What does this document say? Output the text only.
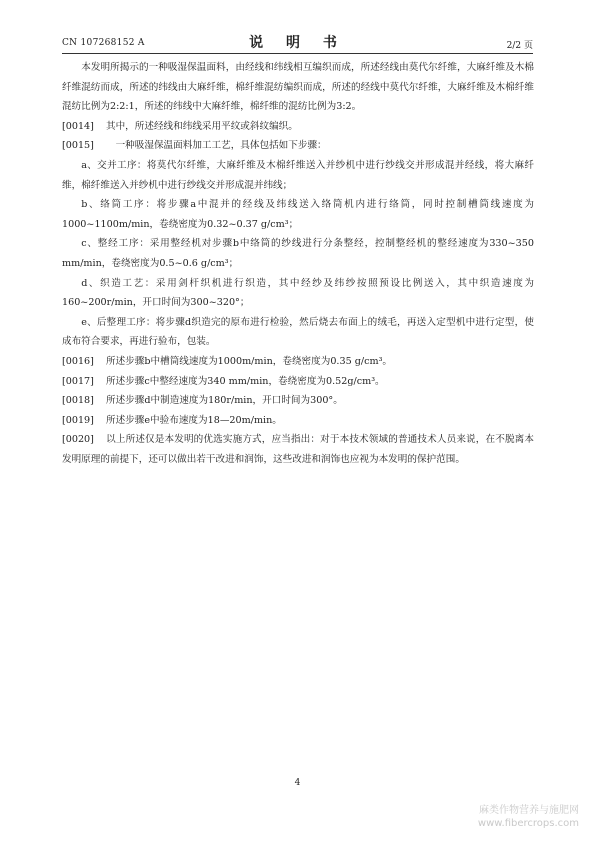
CN 107268152 A	说 明 书	2/2 页

本发明所揭示的一种吸湿保温面料，由经线和纬线相互编织而成，所述经线由莫代尔纤维，大麻纤维及木棉纤维混纺而成，所述的纬线由大麻纤维，棉纤维混纺编织而成，所述的经线中莫代尔纤维，大麻纤维及木棉纤维混纺比例为2:2:1，所述的纬线中大麻纤维，棉纤维的混纺比例为3:2。

[0014] 其中，所述经线和纬线采用平纹或斜纹编织。

[0015] 一种吸湿保温面料加工工艺，具体包括如下步骤：

a、交并工序：将莫代尔纤维，大麻纤维及木棉纤维送入并纱机中进行纱线交并形成混并经线，将大麻纤维，棉纤维送入并纱机中进行纱线交并形成混并纬线；

b、络筒工序：将步骤a中混并的经线及纬线送入络筒机内进行络筒，同时控制槽筒线速度为1000~1100m/min，卷绕密度为0.32~0.37 g/cm³；

c、整经工序：采用整经机对步骤b中络筒的纱线进行分条整经，控制整经机的整经速度为330~350 mm/min，卷绕密度为0.5~0.6 g/cm³；

d、织造工艺：采用剑杆织机进行织造，其中经纱及纬纱按照预设比例送入，其中织造速度为160~200r/min，开口时间为300~320°；

e、后整理工序：将步骤d织造完的原布进行检验，然后烧去布面上的绒毛，再送入定型机中进行定型，使成布符合要求，再进行验布，包装。

[0016] 所述步骤b中槽筒线速度为1000m/min，卷绕密度为0.35 g/cm³。

[0017] 所述步骤c中整经速度为340 mm/min，卷绕密度为0.52g/cm³。

[0018] 所述步骤d中制造速度为180r/min，开口时间为300°。

[0019] 所述步骤e中验布速度为18—20m/min。

[0020] 以上所述仅是本发明的优选实施方式，应当指出：对于本技术领域的普通技术人员来说，在不脱离本发明原理的前提下，还可以做出若干改进和润饰，这些改进和润饰也应视为本发明的保护范围。

4
麻类作物营养与施肥网
www.fibercrops.com
